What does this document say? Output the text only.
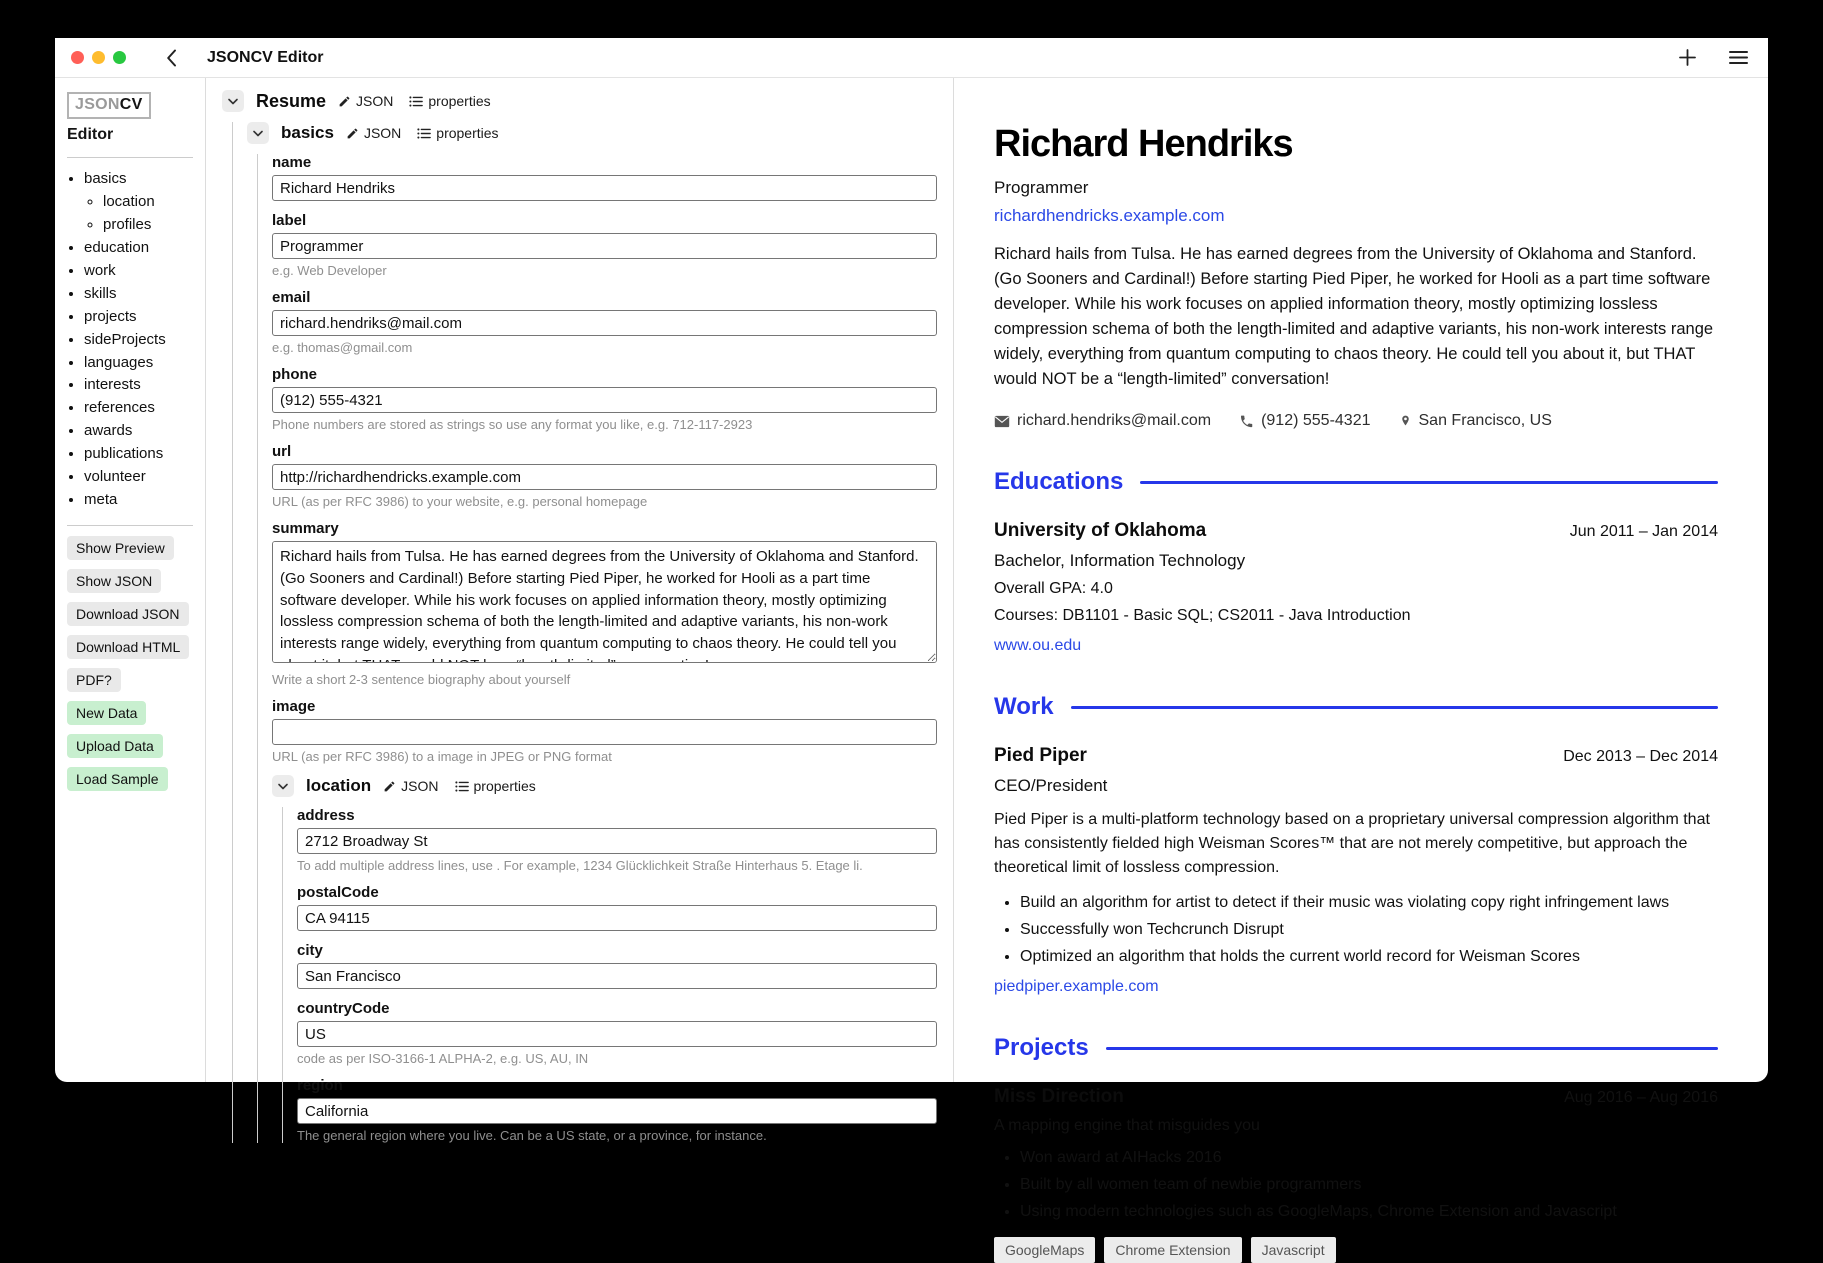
JSONCV Editor
JSONCV
Editor
• basics
◦ location
◦ profiles
• education
• work
• skills
• projects
• sideProjects
• languages
• interests
• references
• awards
• publications
• volunteer
• meta
Show Preview
Show JSON
Download JSON
Download HTML
PDF?
New Data
Upload Data
Load Sample
Resume JSON	properties
basics JSON	properties
name
Richard Hendriks
label
Programmer
e.g. Web Developer
email
richard.hendriks@mail.com
e.g. thomas@gmail.com
phone
(912) 555-4321
Phone numbers are stored as strings so use any format you like, e.g. 712-117-2923
url
http://richardhendricks.example.com
URL (as per RFC 3986) to your website, e.g. personal homepage
summary
Richard hails from Tulsa. He has earned degrees from the University of Oklahoma and Stanford. (Go Sooners and Cardinal!) Before starting Pied Piper, he worked for Hooli as a part time software developer. While his work focuses on applied information theory, mostly optimizing lossless compression schema of both the length-limited and adaptive variants, his non-work interests range widely, everything from quantum computing to chaos theory. He could tell you about it, but THAT would NOT be a “length-limited” conversation!
Write a short 2-3 sentence biography about yourself
image
URL (as per RFC 3986) to a image in JPEG or PNG format
location JSON	properties
address
2712 Broadway St
To add multiple address lines, use . For example, 1234 Glücklichkeit Straße Hinterhaus 5. Etage li.
postalCode
CA 94115
city
San Francisco
countryCode
US
code as per ISO-3166-1 ALPHA-2, e.g. US, AU, IN
region
California
The general region where you live. Can be a US state, or a province, for instance.
Richard Hendriks
Programmer
richardhendricks.example.com
Richard hails from Tulsa. He has earned degrees from the University of Oklahoma and Stanford. (Go Sooners and Cardinal!) Before starting Pied Piper, he worked for Hooli as a part time software developer. While his work focuses on applied information theory, mostly optimizing lossless compression schema of both the length-limited and adaptive variants, his non-work interests range widely, everything from quantum computing to chaos theory. He could tell you about it, but THAT would NOT be a “length-limited” conversation!
richard.hendriks@mail.com	(912) 555-4321	San Francisco, US
Educations
University of Oklahoma	Jun 2011 – Jan 2014
Bachelor, Information Technology
Overall GPA: 4.0
Courses: DB1101 - Basic SQL; CS2011 - Java Introduction
www.ou.edu
Work
Pied Piper	Dec 2013 – Dec 2014
CEO/President
Pied Piper is a multi-platform technology based on a proprietary universal compression algorithm that has consistently fielded high Weisman Scores™ that are not merely competitive, but approach the theoretical limit of lossless compression.
• Build an algorithm for artist to detect if their music was violating copy right infringement laws
• Successfully won Techcrunch Disrupt
• Optimized an algorithm that holds the current world record for Weisman Scores
piedpiper.example.com
Projects
Miss Direction	Aug 2016 – Aug 2016
A mapping engine that misguides you
• Won award at AIHacks 2016
• Built by all women team of newbie programmers
• Using modern technologies such as GoogleMaps, Chrome Extension and Javascript
GoogleMaps	Chrome Extension	Javascript
